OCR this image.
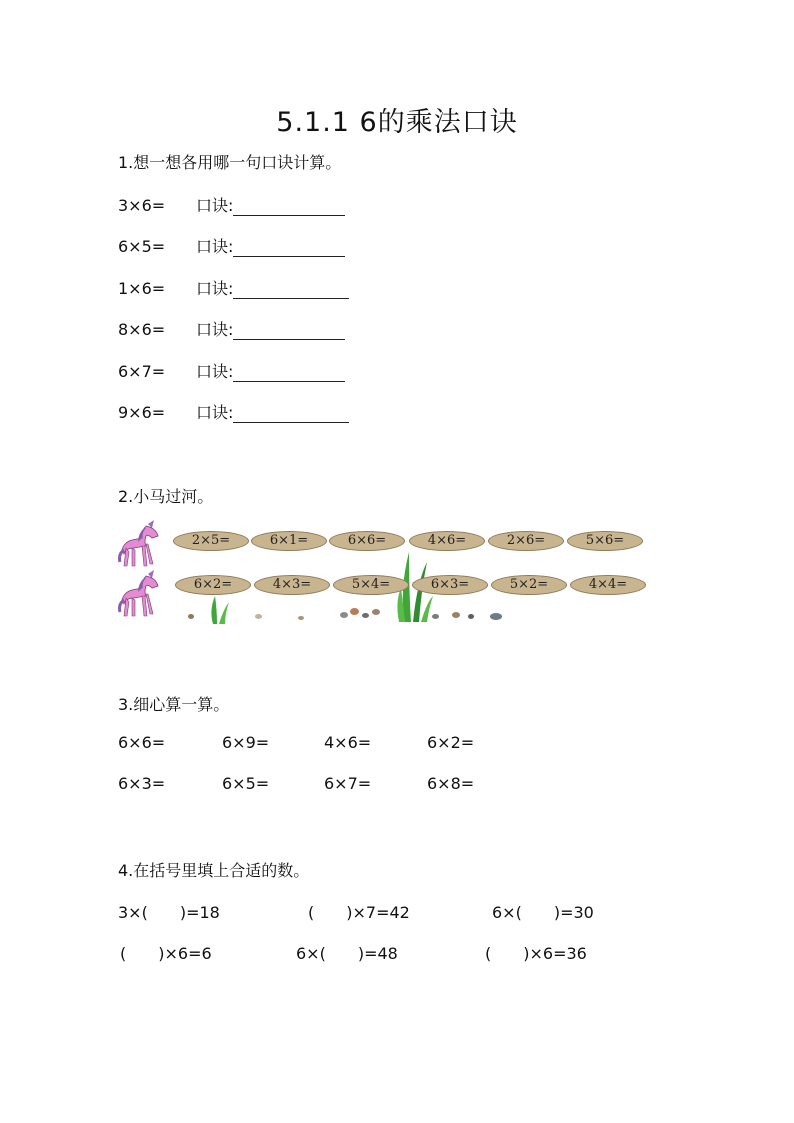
5.1.1 6的乘法口诀
1.想一想各用哪一句口诀计算。
3×6= 口诀:
6×5= 口诀:
1×6= 口诀:
8×6= 口诀:
6×7= 口诀:
9×6= 口诀:
2.小马过河。
2×5=	6×1=	6×6=	4×6=	2×6=	5×6=
6×2=	4×3=	5×4=	6×3=	5×2=	4×4=
3.细心算一算。
6×6=	6×9=	4×6=	6×2=
6×3=	6×5=	6×7=	6×8=
4.在括号里填上合适的数。
3×(　　)=18	(　　)×7=42	6×(　　)=30
(　　)×6=6	6×(　　)=48	(　　)×6=36
